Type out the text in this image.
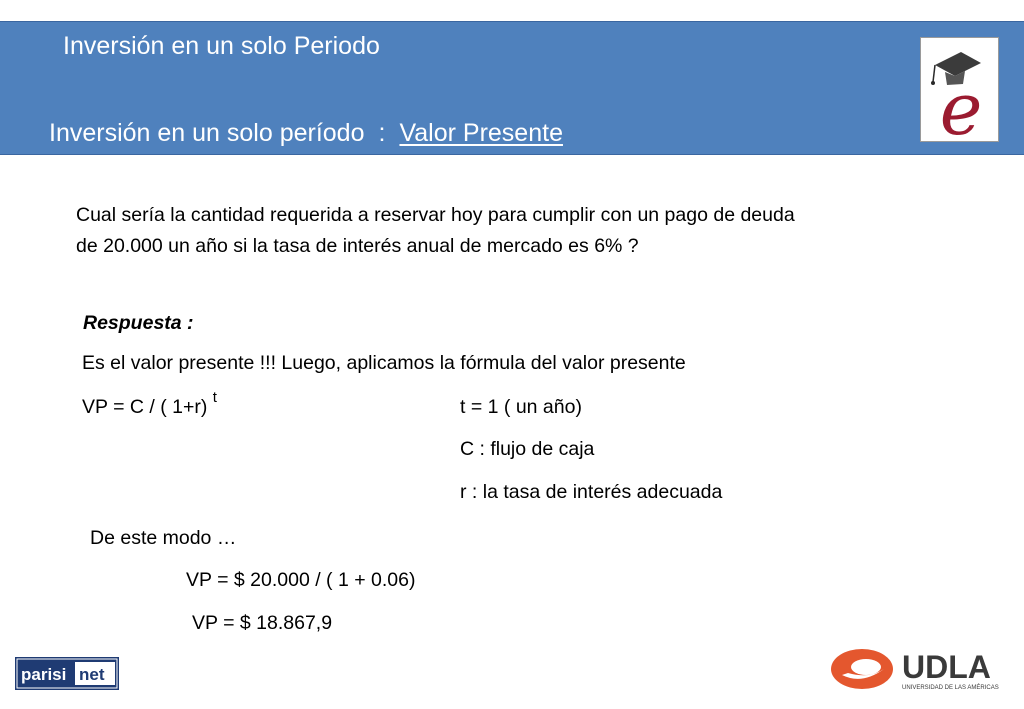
Inversión en un solo Periodo
Inversión en un solo período : Valor Presente	e
Cual sería la cantidad requerida a reservar hoy para cumplir con un pago de deuda
de 20.000 un año si la tasa de interés anual de mercado es 6% ?
Respuesta :
Es el valor presente !!! Luego, aplicamos la fórmula del valor presente
VP = C / ( 1+r) $^t$	t = 1 ( un año)
C : flujo de caja
r : la tasa de interés adecuada
De este modo …
VP = $ 20.000 / ( 1 + 0.06)
VP = $ 18.867,9
parisi net	UDLA
UNIVERSIDAD DE LAS AMÉRICAS
